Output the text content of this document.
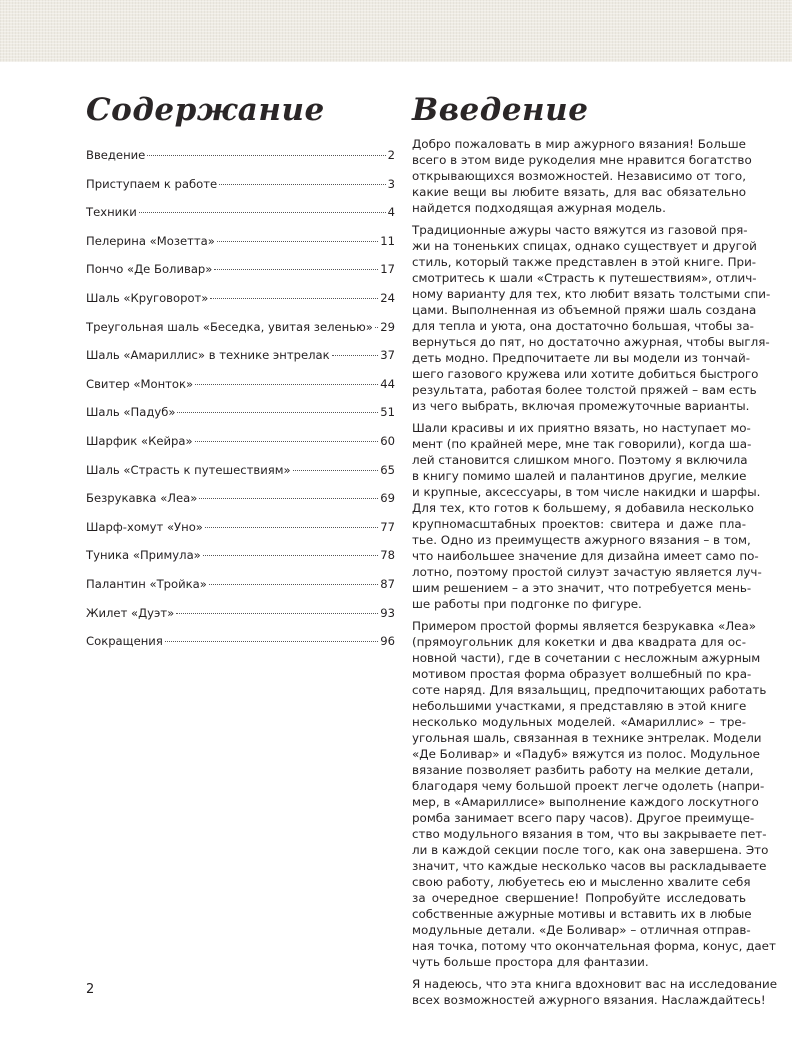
Содержание	Введение
Введение	2
Приступаем к работе	3
Техники	4
Пелерина «Мозетта»	11
Пончо «Де Боливар»	17
Шаль «Круговорот»	24
Треугольная шаль «Беседка, увитая зеленью» 29
Шаль «Амариллис» в технике энтрелак	37
Свитер «Монток»	44
Шаль «Падуб»	51
Шарфик «Кейра»	60
Шаль «Страсть к путешествиям»	65
Безрукавка «Леа»	69
Шарф-хомут «Уно»	77
Туника «Примула»	78
Палантин «Тройка»	87
Жилет «Дуэт»	93
Сокращения	96
Добро пожаловать в мир ажурного вязания! Больше
всего в этом виде рукоделия мне нравится богатство
открывающихся возможностей. Независимо от того,
какие вещи вы любите вязать, для вас обязательно
найдется подходящая ажурная модель.
Традиционные ажуры часто вяжутся из газовой пря-
жи на тоненьких спицах, однако существует и другой
стиль, который также представлен в этой книге. При-
смотритесь к шали «Страсть к путешествиям», отлич-
ному варианту для тех, кто любит вязать толстыми спи-
цами. Выполненная из объемной пряжи шаль создана
для тепла и уюта, она достаточно большая, чтобы за-
вернуться до пят, но достаточно ажурная, чтобы выгля-
деть модно. Предпочитаете ли вы модели из тончай-
шего газового кружева или хотите добиться быстрого
результата, работая более толстой пряжей – вам есть
из чего выбрать, включая промежуточные варианты.
Шали красивы и их приятно вязать, но наступает мо-
мент (по крайней мере, мне так говорили), когда ша-
лей становится слишком много. Поэтому я включила
в книгу помимо шалей и палантинов другие, мелкие
и крупные, аксессуары, в том числе накидки и шарфы.
Для тех, кто готов к большему, я добавила несколько
крупномасштабных проектов: свитера и даже пла-
тье. Одно из преимуществ ажурного вязания – в том,
что наибольшее значение для дизайна имеет само по-
лотно, поэтому простой силуэт зачастую является луч-
шим решением – а это значит, что потребуется мень-
ше работы при подгонке по фигуре.
Примером простой формы является безрукавка «Леа»
(прямоугольник для кокетки и два квадрата для ос-
новной части), где в сочетании с несложным ажурным
мотивом простая форма образует волшебный по кра-
соте наряд. Для вязальщиц, предпочитающих работать
небольшими участками, я представляю в этой книге
несколько модульных моделей. «Амариллис» – тре-
угольная шаль, связанная в технике энтрелак. Модели
«Де Боливар» и «Падуб» вяжутся из полос. Модульное
вязание позволяет разбить работу на мелкие детали,
благодаря чему большой проект легче одолеть (напри-
мер, в «Амариллисе» выполнение каждого лоскутного
ромба занимает всего пару часов). Другое преимуще-
ство модульного вязания в том, что вы закрываете пет-
ли в каждой секции после того, как она завершена. Это
значит, что каждые несколько часов вы раскладываете
свою работу, любуетесь ею и мысленно хвалите себя
за очередное свершение! Попробуйте исследовать
собственные ажурные мотивы и вставить их в любые
модульные детали. «Де Боливар» – отличная отправ-
ная точка, потому что окончательная форма, конус, дает
чуть больше простора для фантазии.
Я надеюсь, что эта книга вдохновит вас на исследование
всех возможностей ажурного вязания. Наслаждайтесь!
2
